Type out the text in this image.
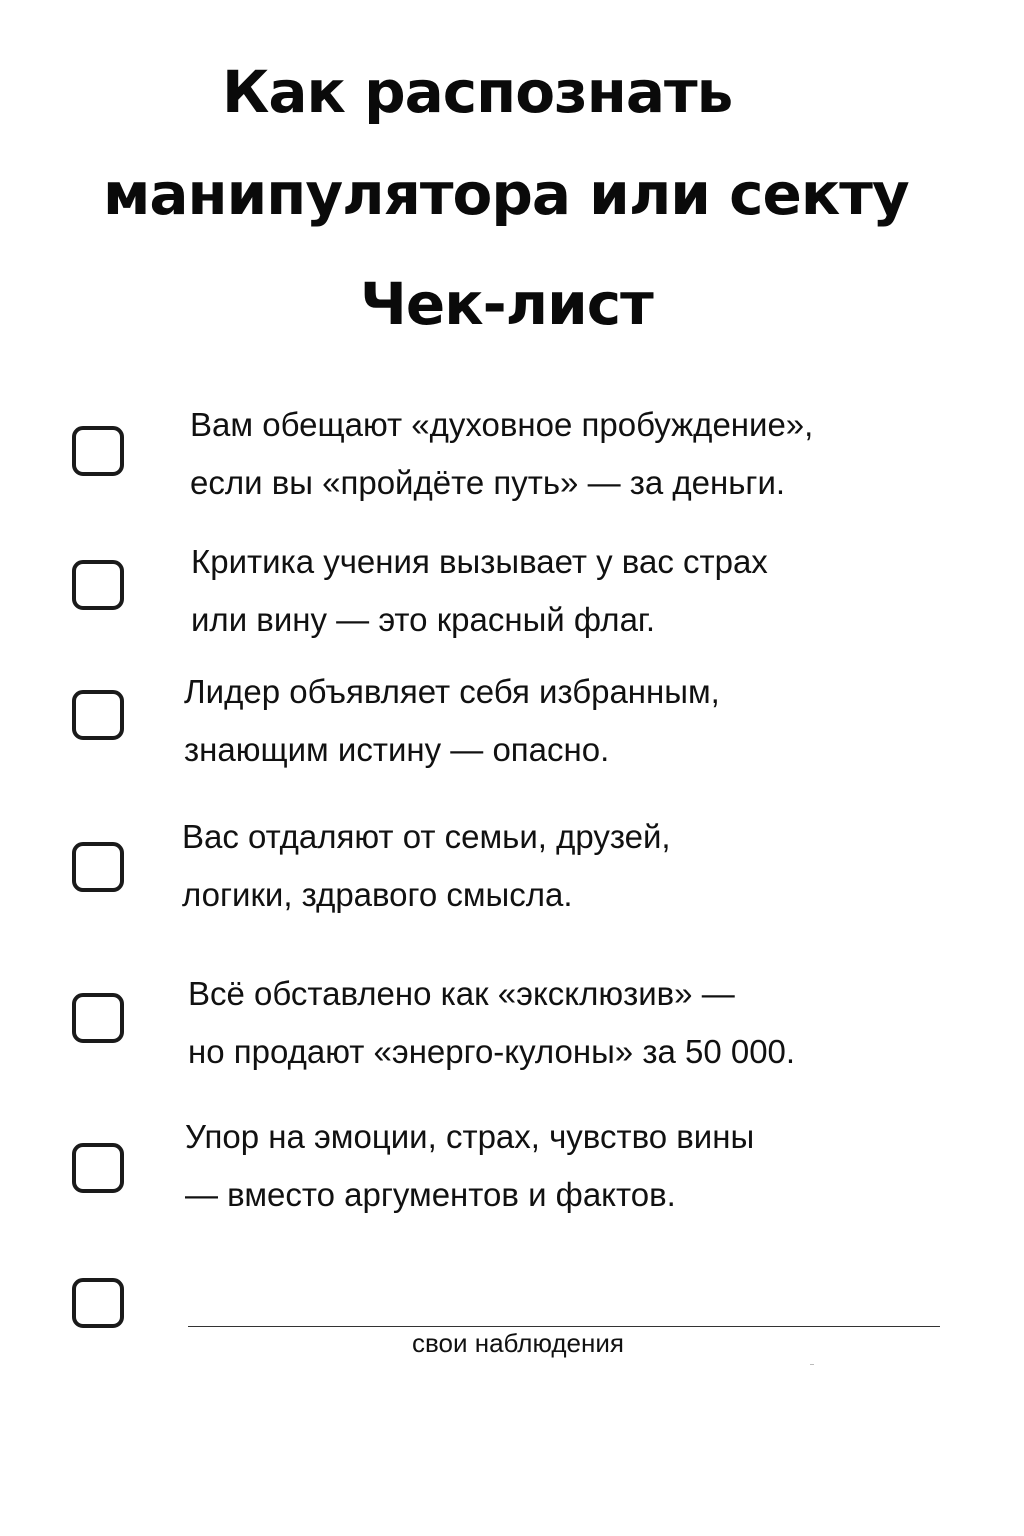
Как распознать
манипулятора или секту
Чек-лист
Вам обещают «духовное пробуждение»,
если вы «пройдёте путь» — за деньги.
Критика учения вызывает у вас страх
или вину — это красный флаг.
Лидер объявляет себя избранным,
знающим истину — опасно.
Вас отдаляют от семьи, друзей,
логики, здравого смысла.
Всё обставлено как «эксклюзив» —
но продают «энерго-кулоны» за 50 000.
Упор на эмоции, страх, чувство вины
— вместо аргументов и фактов.
свои наблюдения
